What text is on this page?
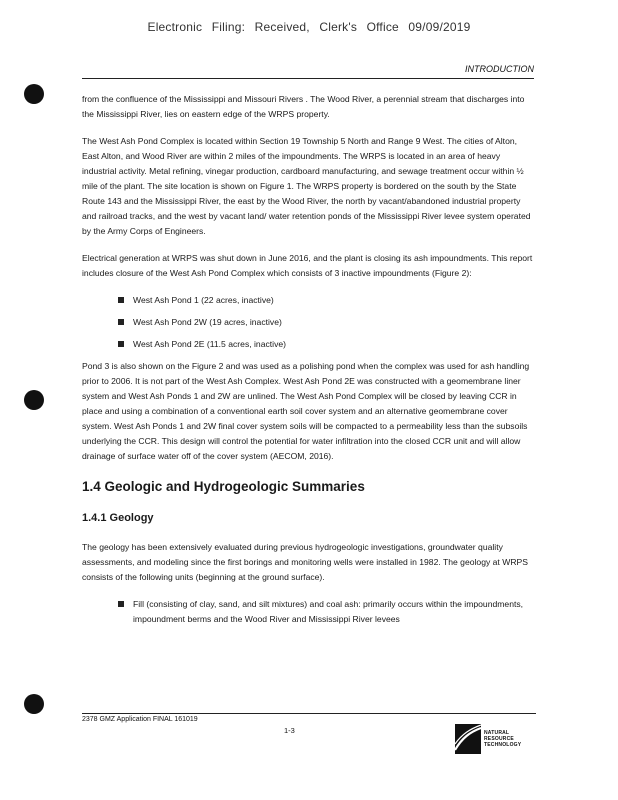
Electronic Filing: Received, Clerk's Office 09/09/2019
INTRODUCTION

from the confluence of the Mississippi and Missouri Rivers . The Wood River, a perennial stream that discharges into the Mississippi River, lies on eastern edge of the WRPS property.

The West Ash Pond Complex is located within Section 19 Township 5 North and Range 9 West. The cities of Alton, East Alton, and Wood River are within 2 miles of the impoundments. The WRPS is located in an area of heavy industrial activity. Metal refining, vinegar production, cardboard manufacturing, and sewage treatment occur within ½ mile of the plant. The site location is shown on Figure 1. The WRPS property is bordered on the south by the State Route 143 and the Mississippi River, the east by the Wood River, the north by vacant/abandoned industrial property and railroad tracks, and the west by vacant land/ water retention ponds of the Mississippi River levee system operated by the Army Corps of Engineers.

Electrical generation at WRPS was shut down in June 2016, and the plant is closing its ash impoundments. This report includes closure of the West Ash Pond Complex which consists of 3 inactive impoundments (Figure 2):

West Ash Pond 1 (22 acres, inactive)
West Ash Pond 2W (19 acres, inactive)
West Ash Pond 2E (11.5 acres, inactive)

Pond 3 is also shown on the Figure 2 and was used as a polishing pond when the complex was used for ash handling prior to 2006. It is not part of the West Ash Complex. West Ash Pond 2E was constructed with a geomembrane liner system and West Ash Ponds 1 and 2W are unlined. The West Ash Pond Complex will be closed by leaving CCR in place and using a combination of a conventional earth soil cover system and an alternative geomembrane cover system. West Ash Ponds 1 and 2W final cover system soils will be compacted to a permeability less than the subsoils underlying the CCR. This design will control the potential for water infiltration into the closed CCR unit and will allow drainage of surface water off of the cover system (AECOM, 2016).

1.4 Geologic and Hydrogeologic Summaries
1.4.1 Geology

The geology has been extensively evaluated during previous hydrogeologic investigations, groundwater quality assessments, and modeling since the first borings and monitoring wells were installed in 1982. The geology at WRPS consists of the following units (beginning at the ground surface).

Fill (consisting of clay, sand, and silt mixtures) and coal ash: primarily occurs within the impoundments, impoundment berms and the Wood River and Mississippi River levees
2378 GMZ Application FINAL 161019
1-3	NATURAL
RESOURCE
TECHNOLOGY
